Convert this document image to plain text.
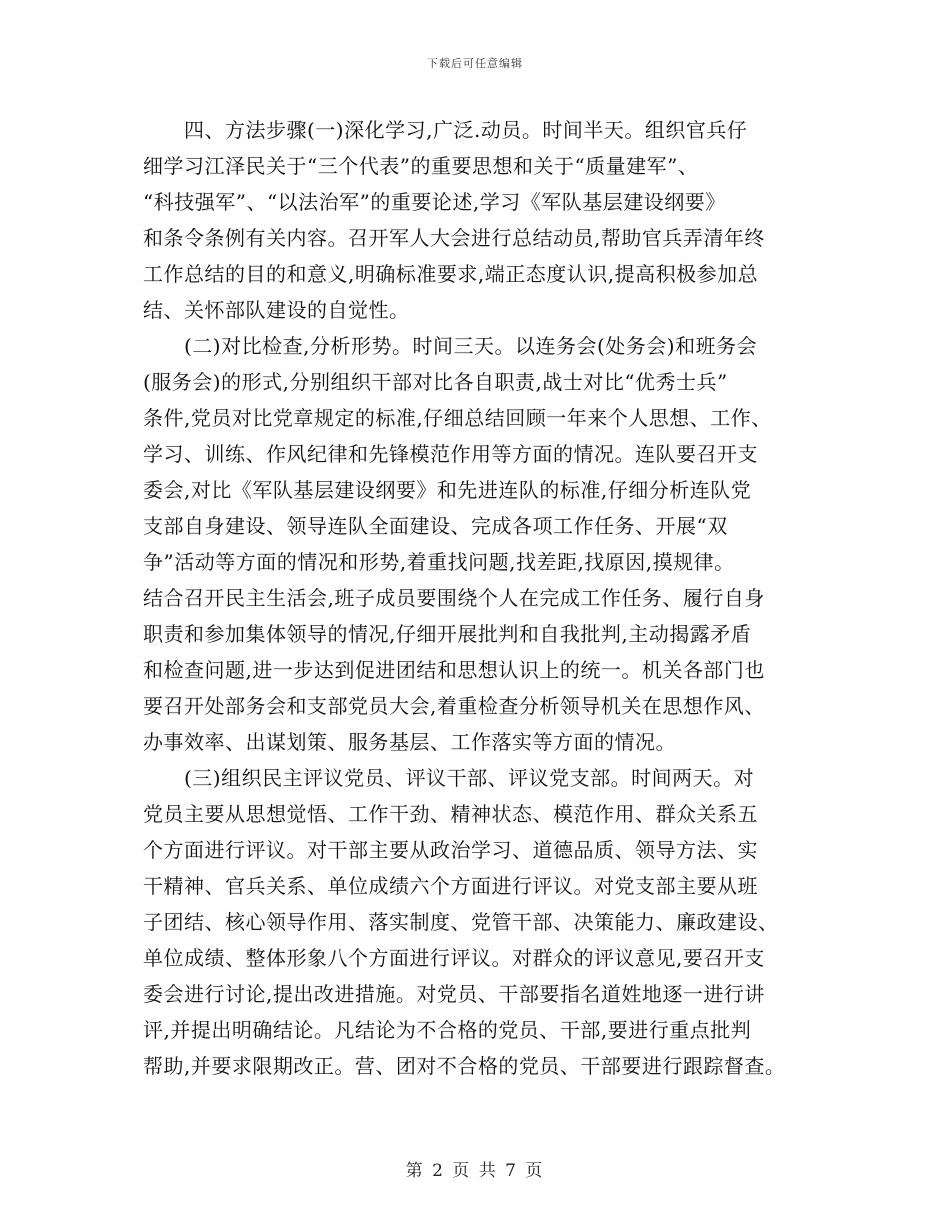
下载后可任意编辑
四、方法步骤(一)深化学习,广泛.动员。时间半天。组织官兵仔
细学习江泽民关于“三个代表”的重要思想和关于“质量建军”、
“科技强军”、“以法治军”的重要论述,学习《军队基层建设纲要》
和条令条例有关内容。召开军人大会进行总结动员,帮助官兵弄清年终
工作总结的目的和意义,明确标准要求,端正态度认识,提高积极参加总
结、关怀部队建设的自觉性。
(二)对比检查,分析形势。时间三天。以连务会(处务会)和班务会
(服务会)的形式,分别组织干部对比各自职责,战士对比“优秀士兵”
条件,党员对比党章规定的标准,仔细总结回顾一年来个人思想、工作、
学习、训练、作风纪律和先锋模范作用等方面的情况。连队要召开支
委会,对比《军队基层建设纲要》和先进连队的标准,仔细分析连队党
支部自身建设、领导连队全面建设、完成各项工作任务、开展“双
争”活动等方面的情况和形势,着重找问题,找差距,找原因,摸规律。
结合召开民主生活会,班子成员要围绕个人在完成工作任务、履行自身
职责和参加集体领导的情况,仔细开展批判和自我批判,主动揭露矛盾
和检查问题,进一步达到促进团结和思想认识上的统一。机关各部门也
要召开处部务会和支部党员大会,着重检查分析领导机关在思想作风、
办事效率、出谋划策、服务基层、工作落实等方面的情况。
(三)组织民主评议党员、评议干部、评议党支部。时间两天。对
党员主要从思想觉悟、工作干劲、精神状态、模范作用、群众关系五
个方面进行评议。对干部主要从政治学习、道德品质、领导方法、实
干精神、官兵关系、单位成绩六个方面进行评议。对党支部主要从班
子团结、核心领导作用、落实制度、党管干部、决策能力、廉政建设、
单位成绩、整体形象八个方面进行评议。对群众的评议意见,要召开支
委会进行讨论,提出改进措施。对党员、干部要指名道姓地逐一进行讲
评,并提出明确结论。凡结论为不合格的党员、干部,要进行重点批判
帮助,并要求限期改正。营、团对不合格的党员、干部要进行跟踪督查。
第 2 页 共 7 页
